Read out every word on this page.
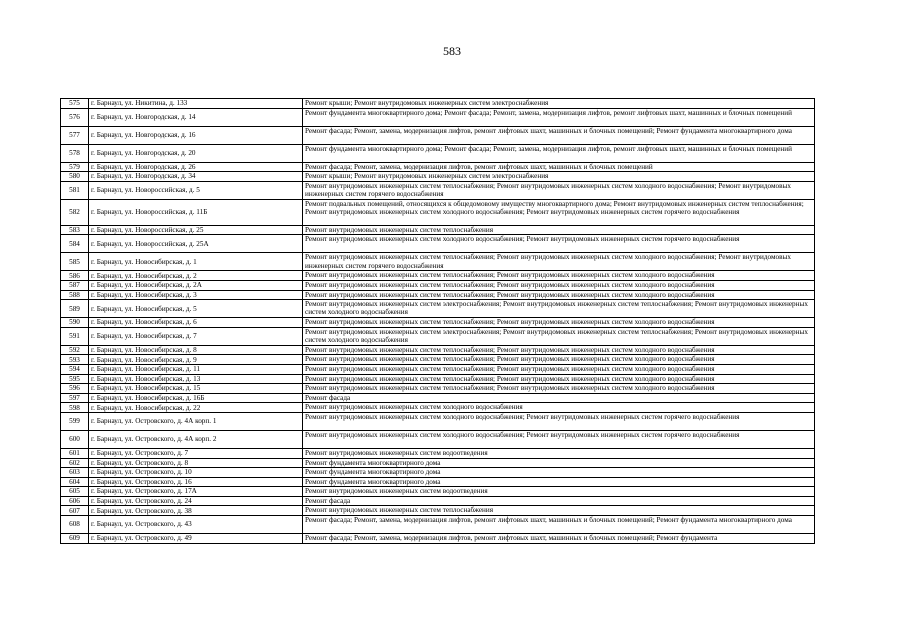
583
575	г. Барнаул, ул. Никитина, д. 133	Ремонт крыши; Ремонт внутридомовых инженерных систем электроснабжения
576	г. Барнаул, ул. Новгородская, д. 14	Ремонт фундамента многоквартирного дома; Ремонт фасада; Ремонт, замена, модернизация лифтов, ремонт лифтовых шахт, машинных и блочных помещений
577	г. Барнаул, ул. Новгородская, д. 16	Ремонт фасада; Ремонт, замена, модернизация лифтов, ремонт лифтовых шахт, машинных и блочных помещений; Ремонт фундамента многоквартирного дома
578	г. Барнаул, ул. Новгородская, д. 20	Ремонт фундамента многоквартирного дома; Ремонт фасада; Ремонт, замена, модернизация лифтов, ремонт лифтовых шахт, машинных и блочных помещений
579	г. Барнаул, ул. Новгородская, д. 26	Ремонт фасада; Ремонт, замена, модернизация лифтов, ремонт лифтовых шахт, машинных и блочных помещений
580	г. Барнаул, ул. Новгородская, д. 34	Ремонт крыши; Ремонт внутридомовых инженерных систем электроснабжения
581	г. Барнаул, ул. Новороссийская, д. 5	Ремонт внутридомовых инженерных систем теплоснабжения; Ремонт внутридомовых инженерных систем холодного водоснабжения; Ремонт внутридомовых инженерных систем горячего водоснабжения
582	г. Барнаул, ул. Новороссийская, д. 11Б	Ремонт подвальных помещений, относящихся к общедомовому имуществу многоквартирного дома; Ремонт внутридомовых инженерных систем теплоснабжения; Ремонт внутридомовых инженерных систем холодного водоснабжения; Ремонт внутридомовых инженерных систем горячего водоснабжения
583	г. Барнаул, ул. Новороссийская, д. 25	Ремонт внутридомовых инженерных систем теплоснабжения
584	г. Барнаул, ул. Новороссийская, д. 25А	Ремонт внутридомовых инженерных систем холодного водоснабжения; Ремонт внутридомовых инженерных систем горячего водоснабжения
585	г. Барнаул, ул. Новосибирская, д. 1	Ремонт внутридомовых инженерных систем теплоснабжения; Ремонт внутридомовых инженерных систем холодного водоснабжения; Ремонт внутридомовых инженерных систем горячего водоснабжения
586	г. Барнаул, ул. Новосибирская, д. 2	Ремонт внутридомовых инженерных систем теплоснабжения; Ремонт внутридомовых инженерных систем холодного водоснабжения
587	г. Барнаул, ул. Новосибирская, д. 2А	Ремонт внутридомовых инженерных систем теплоснабжения; Ремонт внутридомовых инженерных систем холодного водоснабжения
588	г. Барнаул, ул. Новосибирская, д. 3	Ремонт внутридомовых инженерных систем теплоснабжения; Ремонт внутридомовых инженерных систем холодного водоснабжения
589	г. Барнаул, ул. Новосибирская, д. 5	Ремонт внутридомовых инженерных систем электроснабжения; Ремонт внутридомовых инженерных систем теплоснабжения; Ремонт внутридомовых инженерных систем холодного водоснабжения
590	г. Барнаул, ул. Новосибирская, д. 6	Ремонт внутридомовых инженерных систем теплоснабжения; Ремонт внутридомовых инженерных систем холодного водоснабжения
591	г. Барнаул, ул. Новосибирская, д. 7	Ремонт внутридомовых инженерных систем электроснабжения; Ремонт внутридомовых инженерных систем теплоснабжения; Ремонт внутридомовых инженерных систем холодного водоснабжения
592	г. Барнаул, ул. Новосибирская, д. 8	Ремонт внутридомовых инженерных систем теплоснабжения; Ремонт внутридомовых инженерных систем холодного водоснабжения
593	г. Барнаул, ул. Новосибирская, д. 9	Ремонт внутридомовых инженерных систем теплоснабжения; Ремонт внутридомовых инженерных систем холодного водоснабжения
594	г. Барнаул, ул. Новосибирская, д. 11	Ремонт внутридомовых инженерных систем теплоснабжения; Ремонт внутридомовых инженерных систем холодного водоснабжения
595	г. Барнаул, ул. Новосибирская, д. 13	Ремонт внутридомовых инженерных систем теплоснабжения; Ремонт внутридомовых инженерных систем холодного водоснабжения
596	г. Барнаул, ул. Новосибирская, д. 15	Ремонт внутридомовых инженерных систем теплоснабжения; Ремонт внутридомовых инженерных систем холодного водоснабжения
597	г. Барнаул, ул. Новосибирская, д. 16Б	Ремонт фасада
598	г. Барнаул, ул. Новосибирская, д. 22	Ремонт внутридомовых инженерных систем холодного водоснабжения
599	г. Барнаул, ул. Островского, д. 4А корп. 1	Ремонт внутридомовых инженерных систем холодного водоснабжения; Ремонт внутридомовых инженерных систем горячего водоснабжения
600	г. Барнаул, ул. Островского, д. 4А корп. 2	Ремонт внутридомовых инженерных систем холодного водоснабжения; Ремонт внутридомовых инженерных систем горячего водоснабжения
601	г. Барнаул, ул. Островского, д. 7	Ремонт внутридомовых инженерных систем водоотведения
602	г. Барнаул, ул. Островского, д. 8	Ремонт фундамента многоквартирного дома
603	г. Барнаул, ул. Островского, д. 10	Ремонт фундамента многоквартирного дома
604	г. Барнаул, ул. Островского, д. 16	Ремонт фундамента многоквартирного дома
605	г. Барнаул, ул. Островского, д. 17А	Ремонт внутридомовых инженерных систем водоотведения
606	г. Барнаул, ул. Островского, д. 24	Ремонт фасада
607	г. Барнаул, ул. Островского, д. 38	Ремонт внутридомовых инженерных систем теплоснабжения
608	г. Барнаул, ул. Островского, д. 43	Ремонт фасада; Ремонт, замена, модернизация лифтов, ремонт лифтовых шахт, машинных и блочных помещений; Ремонт фундамента многоквартирного дома
609	г. Барнаул, ул. Островского, д. 49	Ремонт фасада; Ремонт, замена, модернизация лифтов, ремонт лифтовых шахт, машинных и блочных помещений; Ремонт фундамента
